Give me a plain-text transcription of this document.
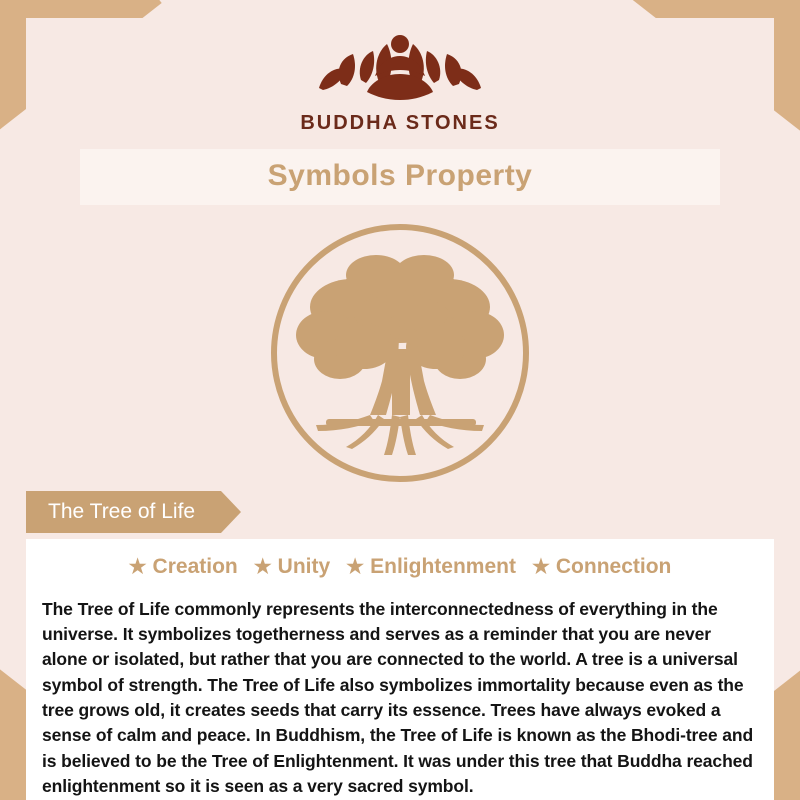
BUDDHA STONES
Symbols Property
The Tree of Life
★ Creation ★ Unity ★ Enlightenment ★ Connection

The Tree of Life commonly represents the interconnectedness of everything in the universe. It symbolizes togetherness and serves as a reminder that you are never alone or isolated, but rather that you are connected to the world. A tree is a universal symbol of strength. The Tree of Life also symbolizes immortality because even as the tree grows old, it creates seeds that carry its essence. Trees have always evoked a sense of calm and peace. In Buddhism, the Tree of Life is known as the Bhodi-tree and is believed to be the Tree of Enlightenment. It was under this tree that Buddha reached enlightenment so it is seen as a very sacred symbol.
